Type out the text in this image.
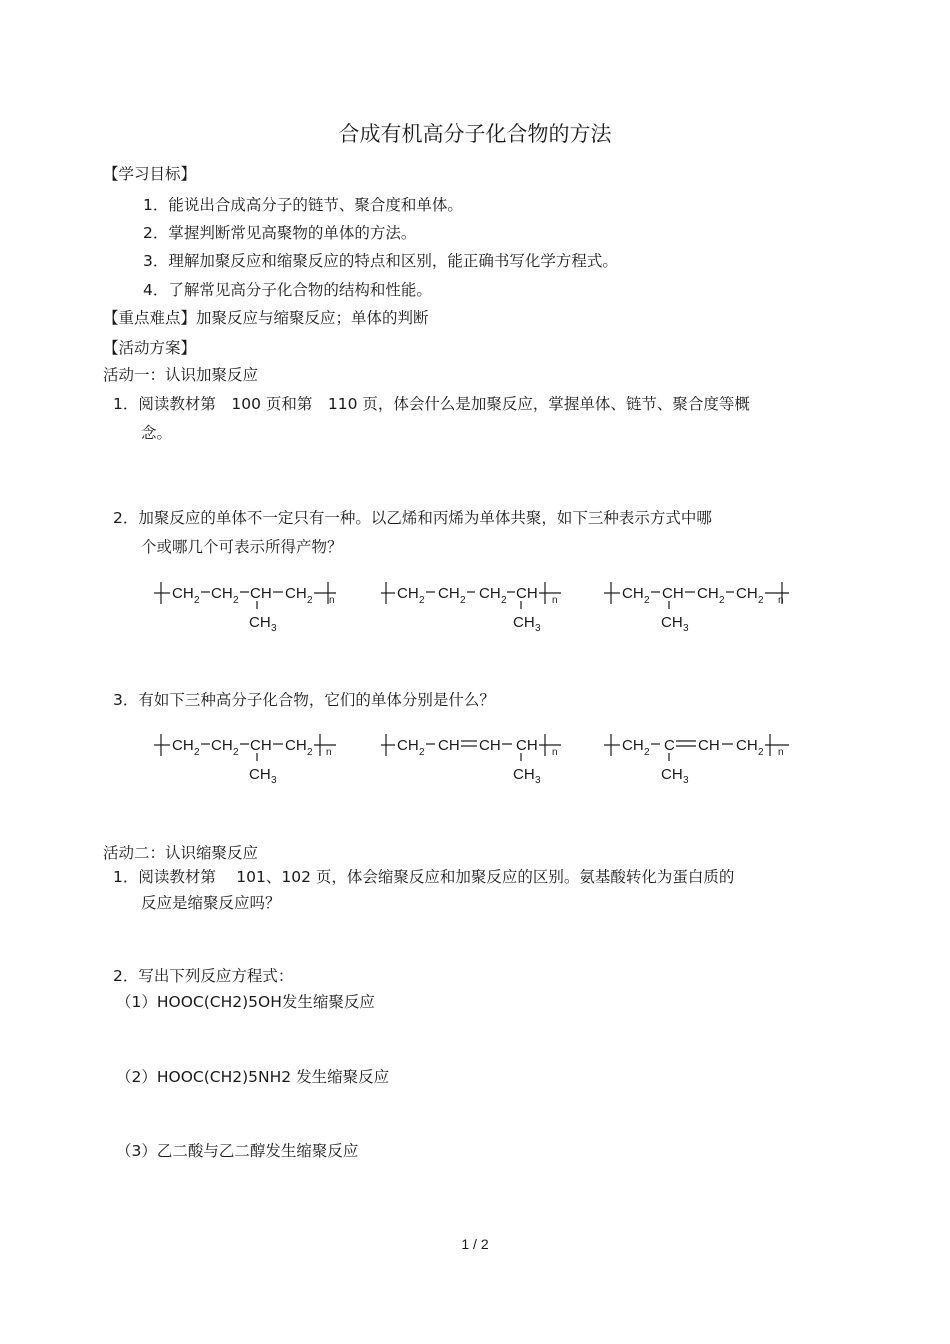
合成有机高分子化合物的方法
【学习目标】
1．能说出合成高分子的链节、聚合度和单体。
2．掌握判断常见高聚物的单体的方法。
3．理解加聚反应和缩聚反应的特点和区别，能正确书写化学方程式。
4．了解常见高分子化合物的结构和性能。
【重点难点】加聚反应与缩聚反应；单体的判断
【活动方案】
活动一：认识加聚反应
1．阅读教材第　100 页和第　110 页，体会什么是加聚反应，掌握单体、链节、聚合度等概
念。
2．加聚反应的单体不一定只有一种。以乙烯和丙烯为单体共聚，如下三种表示方式中哪
个或哪几个可表示所得产物？
CH 2 CH 2 CH CH 2 n
CH 3
CH 2 CH 2 CH 2 CH n
CH 3
CH 2 CH CH 2 CH 2 n
CH 3
3．有如下三种高分子化合物，它们的单体分别是什么？
CH 2 CH 2 CH CH 2 n
CH 3
CH 2 CH CH CH n
CH 3
CH 2 C CH CH 2 n
CH 3
活动二：认识缩聚反应
1．阅读教材第　 101、102 页，体会缩聚反应和加聚反应的区别。氨基酸转化为蛋白质的
反应是缩聚反应吗？
2．写出下列反应方程式：
（1）HOOC(CH2)5OH发生缩聚反应
（2）HOOC(CH2)5NH2 发生缩聚反应
（3）乙二酸与乙二醇发生缩聚反应
1 / 2
